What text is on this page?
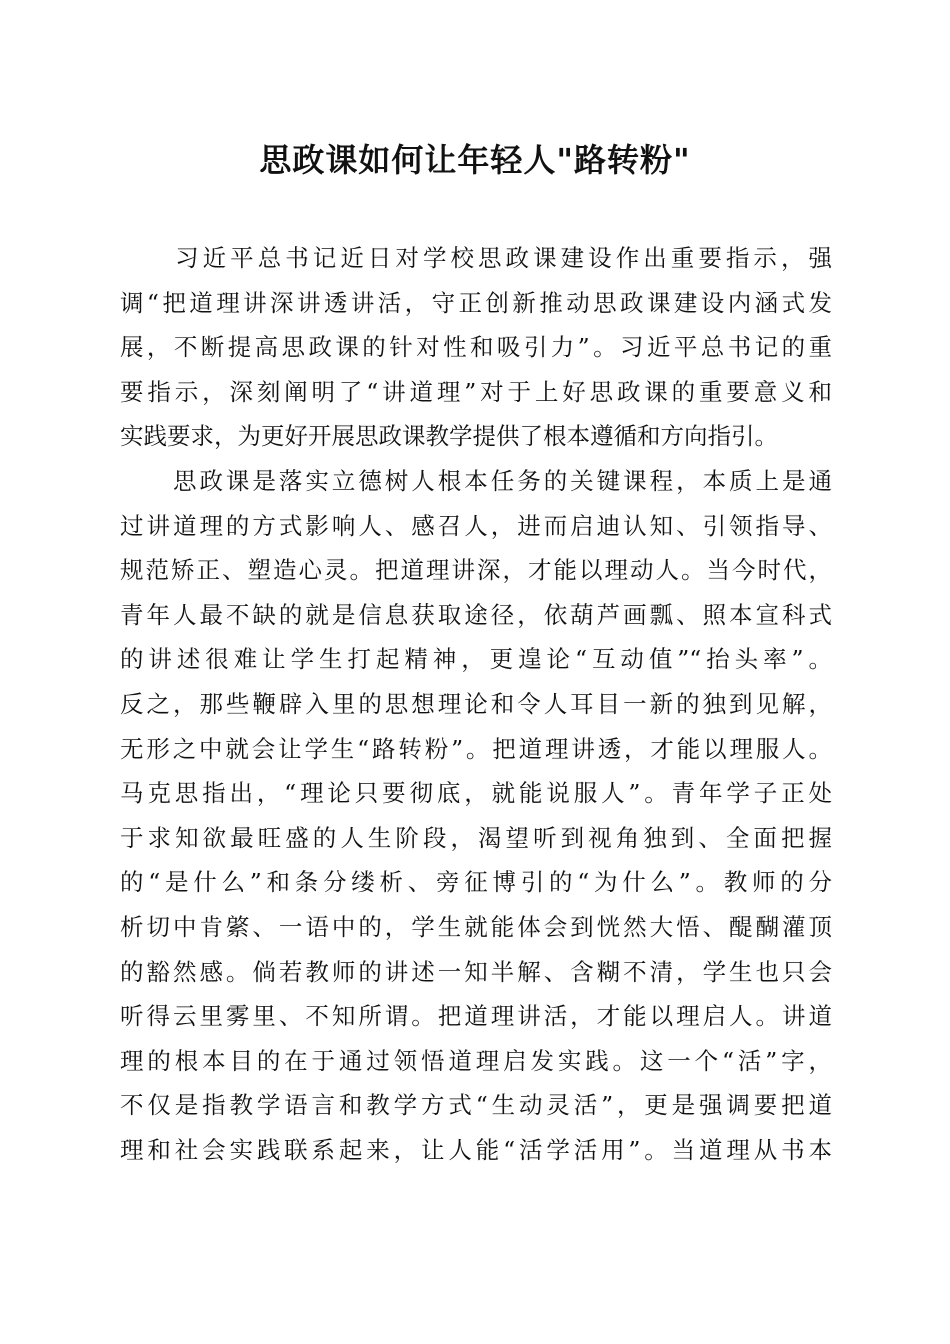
思政课如何让年轻人"路转粉"
　　习近平总书记近日对学校思政课建设作出重要指示，强
调“把道理讲深讲透讲活，守正创新推动思政课建设内涵式发
展，不断提高思政课的针对性和吸引力”。习近平总书记的重
要指示，深刻阐明了“讲道理”对于上好思政课的重要意义和
实践要求，为更好开展思政课教学提供了根本遵循和方向指引。
　　思政课是落实立德树人根本任务的关键课程，本质上是通
过讲道理的方式影响人、感召人，进而启迪认知、引领指导、
规范矫正、塑造心灵。把道理讲深，才能以理动人。当今时代，
青年人最不缺的就是信息获取途径，依葫芦画瓢、照本宣科式
的讲述很难让学生打起精神，更遑论“互动值”“抬头率”。
反之，那些鞭辟入里的思想理论和令人耳目一新的独到见解，
无形之中就会让学生“路转粉”。把道理讲透，才能以理服人。
马克思指出，“理论只要彻底，就能说服人”。青年学子正处
于求知欲最旺盛的人生阶段，渴望听到视角独到、全面把握
的“是什么”和条分缕析、旁征博引的“为什么”。教师的分
析切中肯綮、一语中的，学生就能体会到恍然大悟、醍醐灌顶
的豁然感。倘若教师的讲述一知半解、含糊不清，学生也只会
听得云里雾里、不知所谓。把道理讲活，才能以理启人。讲道
理的根本目的在于通过领悟道理启发实践。这一个“活”字，
不仅是指教学语言和教学方式“生动灵活”，更是强调要把道
理和社会实践联系起来，让人能“活学活用”。当道理从书本
